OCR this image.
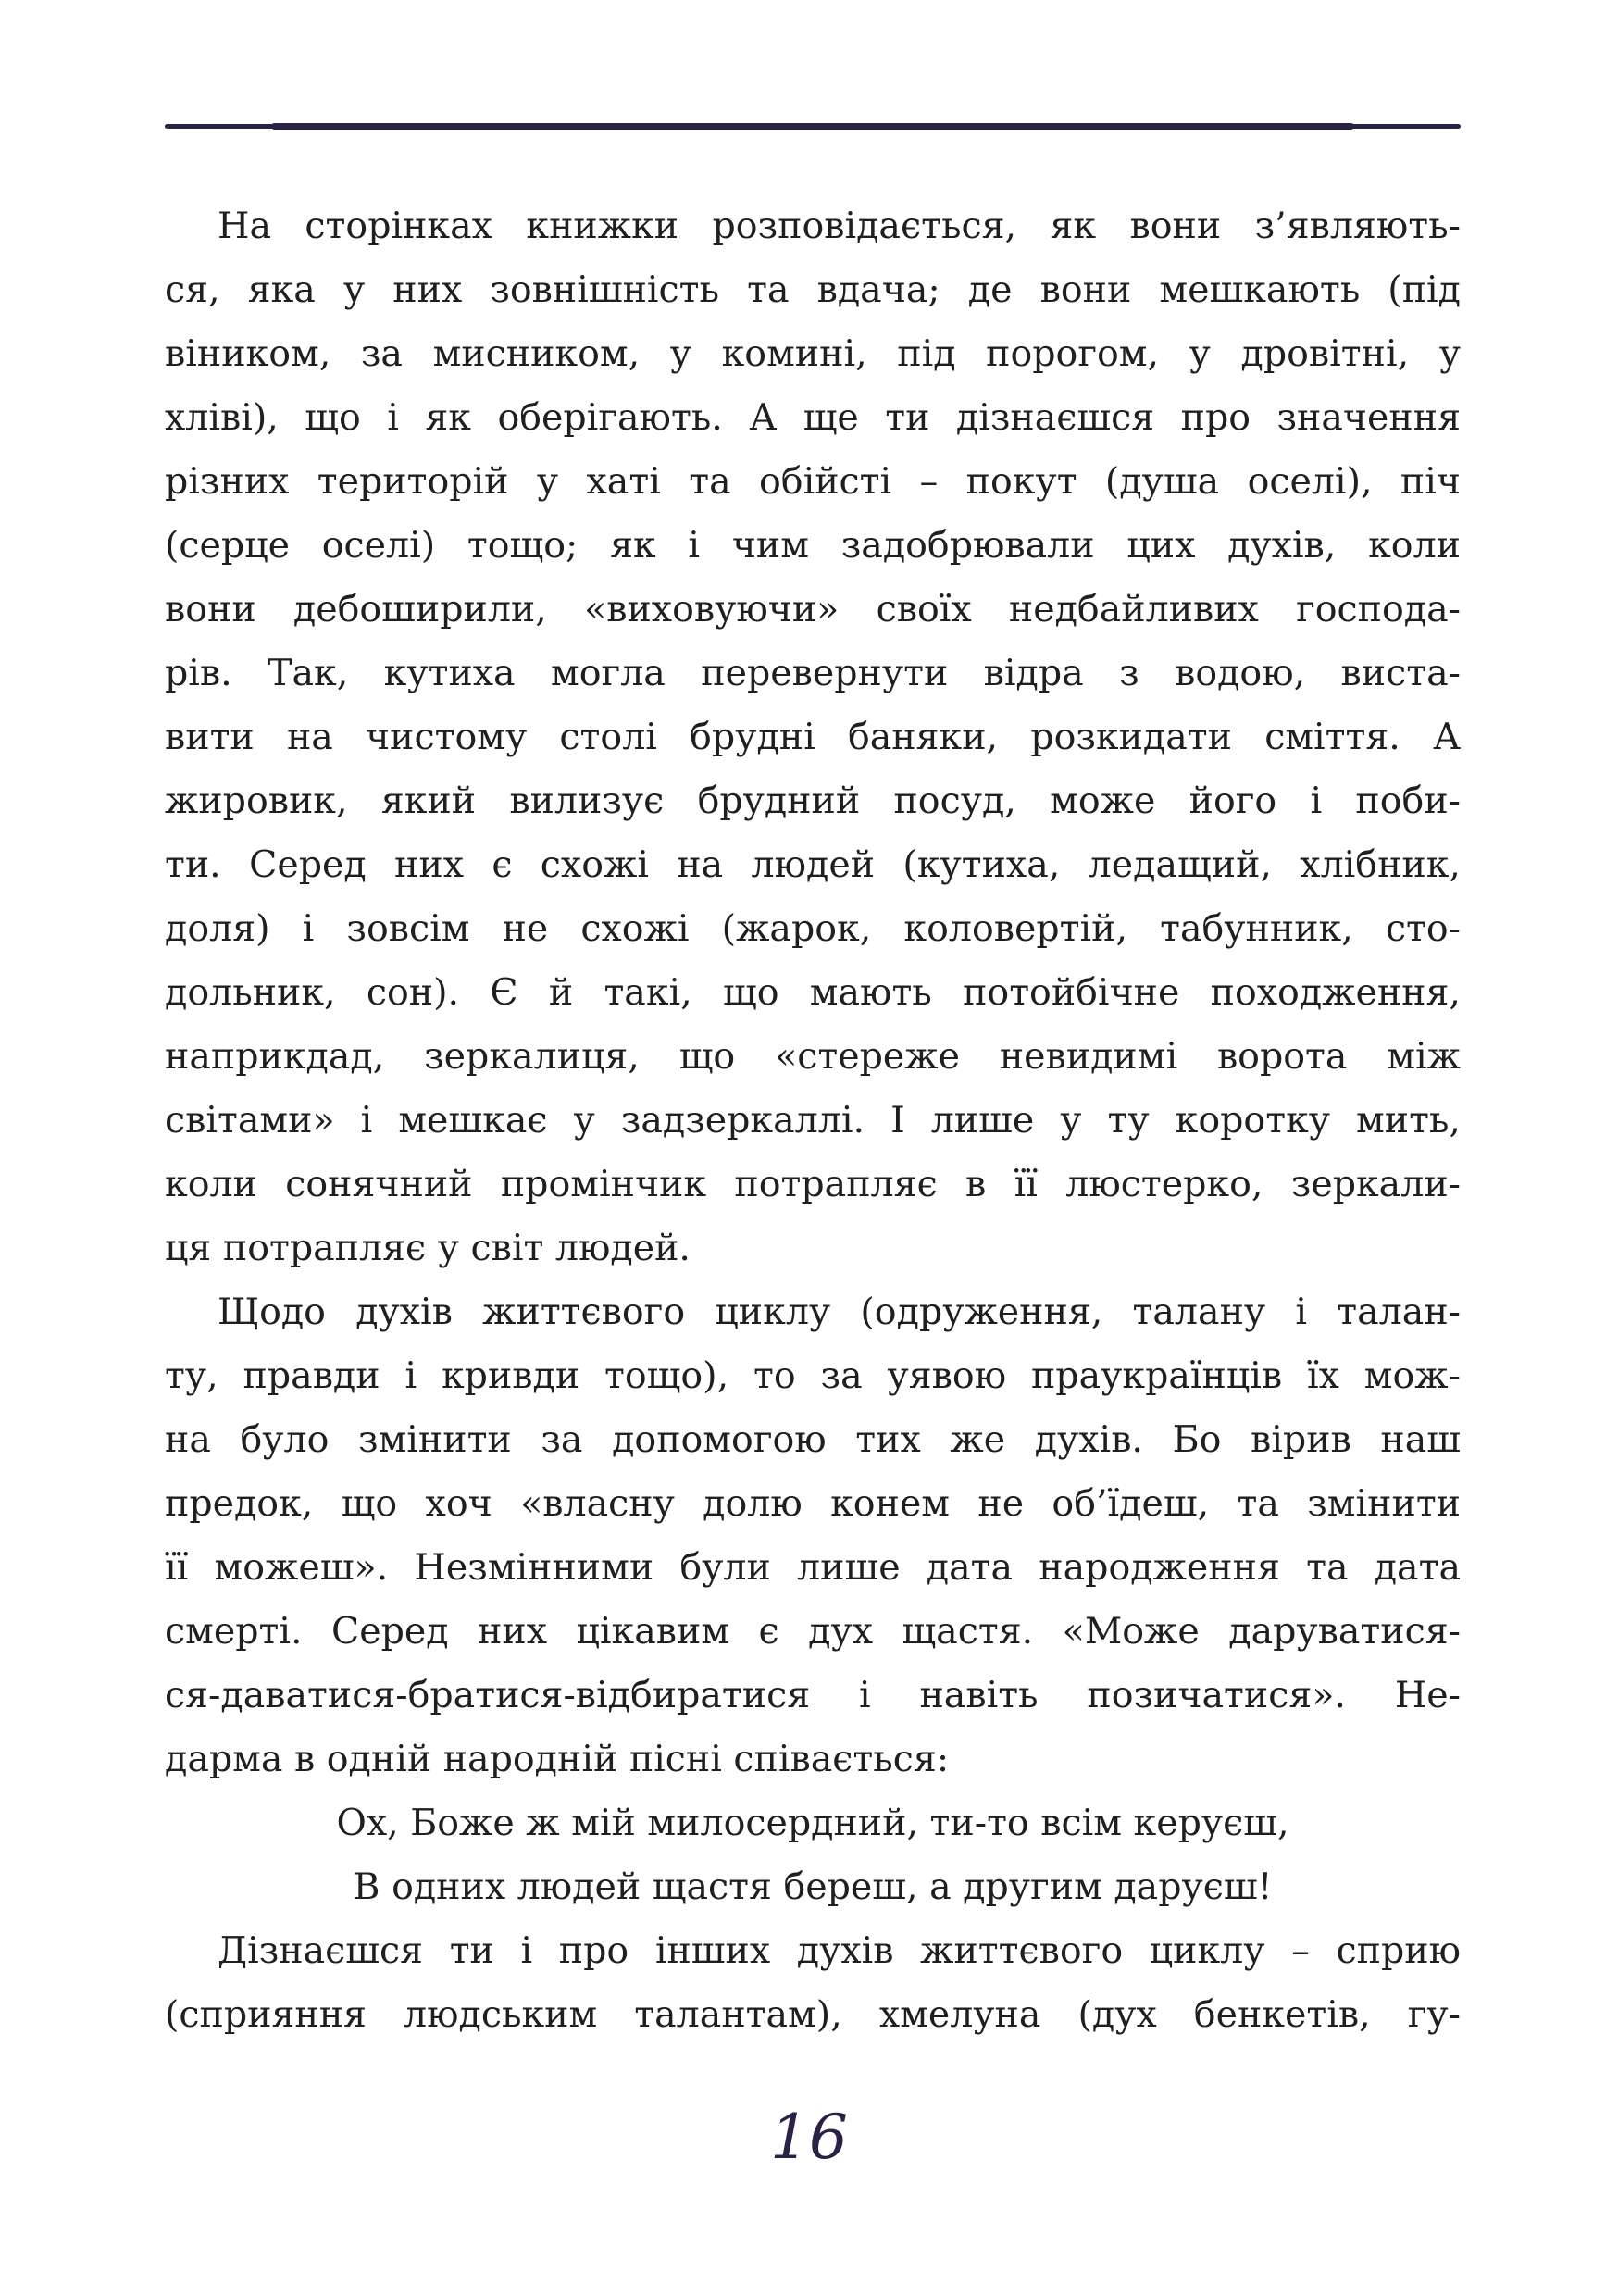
На сторінках книжки розповідається, як вони з’являють-
ся, яка у них зовнішність та вдача; де вони мешкають (під
віником, за мисником, у комині, під порогом, у дровітні, у
хліві), що і як оберігають. А ще ти дізнаєшся про значення
різних територій у хаті та обійсті – покут (душа оселі), піч
(серце оселі) тощо; як і чим задобрювали цих духів, коли
вони дебоширили, «виховуючи» своїх недбайливих господа-
рів. Так, кутиха могла перевернути відра з водою, вистa-
вити на чистому столі брудні баняки, розкидати сміття. А
жировик, який вилизує брудний посуд, може його і поби-
ти. Серед них є схожі на людей (кутиха, ледащий, хлібник,
доля) і зовсім не схожі (жарок, коловертій, табунник, сто-
дольник, сон). Є й такі, що мають потойбічне походження,
наприкдад, зеркалиця, що «стереже невидимі ворота між
світами» і мешкає у задзеркаллі. І лише у ту коротку мить,
коли сонячний промінчик потрапляє в її люстерко, зеркали-
ця потрапляє у світ людей.
Щодо духів життєвого циклу (одруження, талану і талан-
ту, правди і кривди тощо), то за уявою праукраїнців їх мож-
на було змінити за допомогою тих же духів. Бо вірив наш
предок, що хоч «власну долю конем не об’їдеш, та змінити
її можеш». Незмінними були лише дата народження та дата
смерті. Серед них цікавим є дух щастя. «Може даруватися-
ся-даватися-братися-відбиратися і навіть позичатися». Не-
дарма в одній народній пісні співається:
Ох, Боже ж мій милосердний, ти-то всім керуєш,
В одних людей щастя береш, а другим даруєш!
Дізнаєшся ти і про інших духів життєвого циклу – сприю
(сприяння людським талантам), хмелуна (дух бенкетів, гу-
16
